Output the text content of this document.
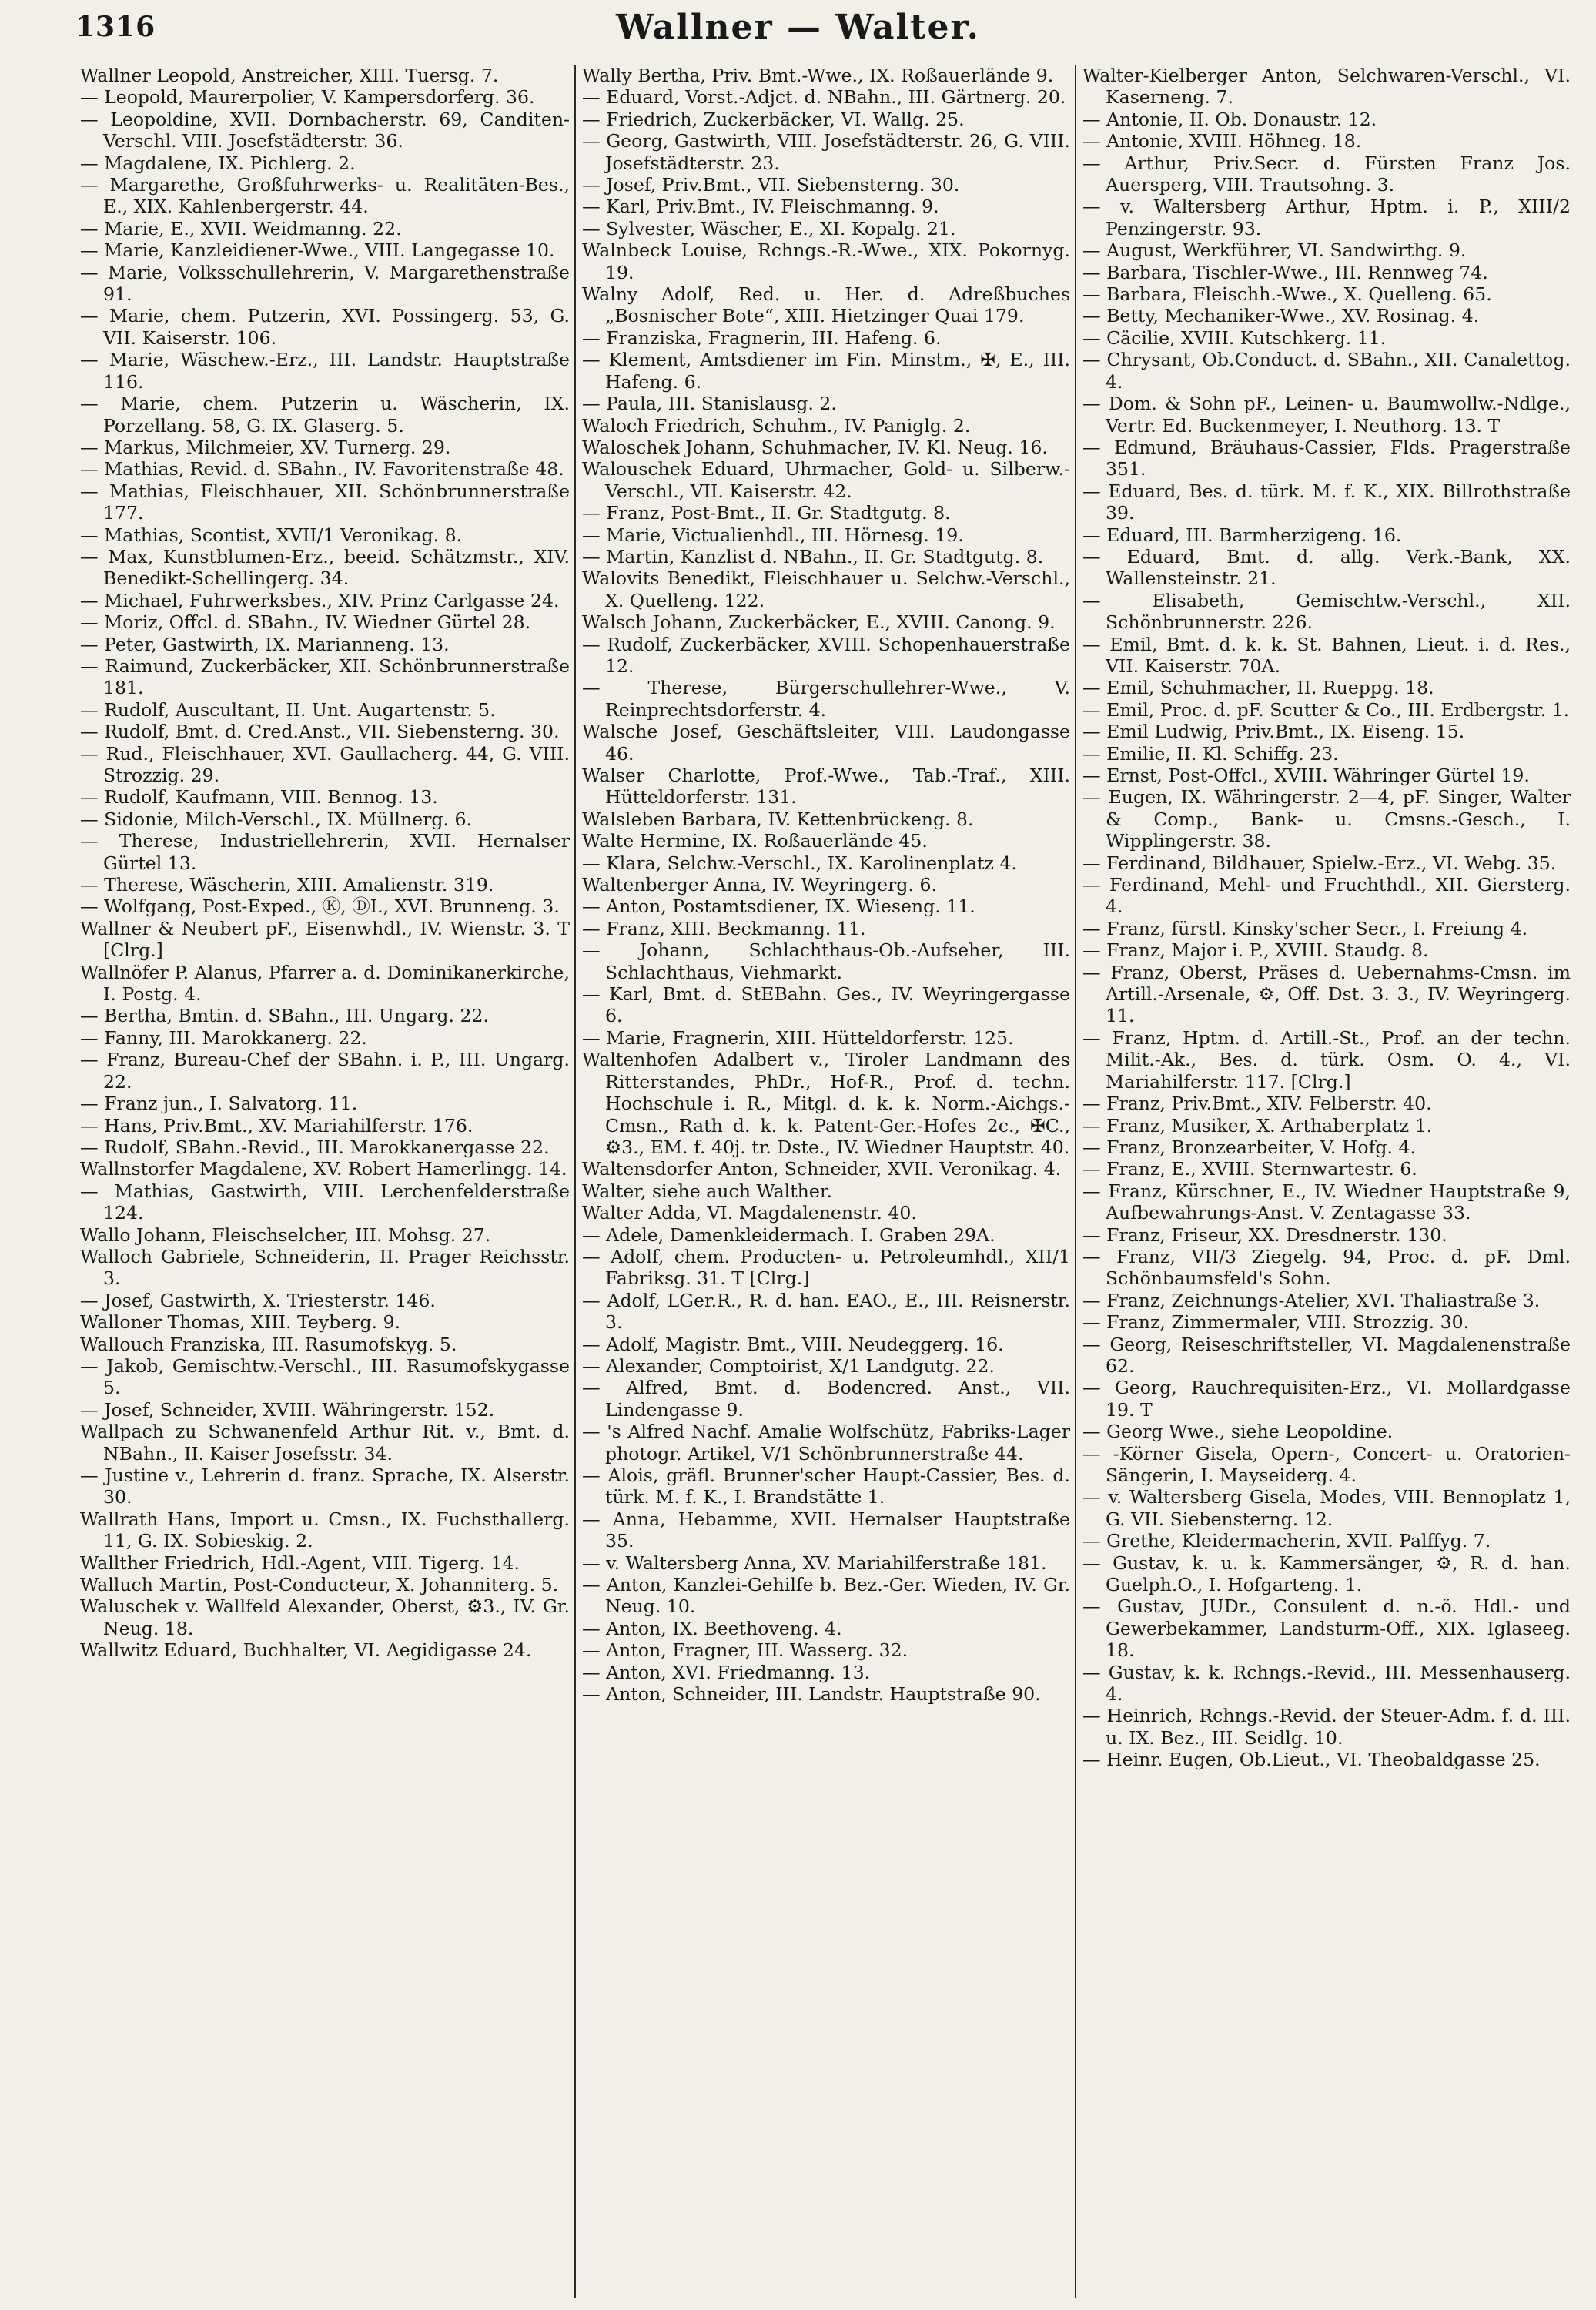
1316	Wallner — Walter.
Wallner Leopold, Anstreicher, XIII. Tuersg. 7.
— Leopold, Maurerpolier, V. Kampersdorferg. 36.
— Leopoldine, XVII. Dornbacherstr. 69, Canditen-Verschl. VIII. Josefstädterstr. 36.
— Magdalene, IX. Pichlerg. 2.
— Margarethe, Großfuhrwerks- u. Realitäten-Bes., E., XIX. Kahlenbergerstr. 44.
— Marie, E., XVII. Weidmanng. 22.
— Marie, Kanzleidiener-Wwe., VIII. Langegasse 10.
— Marie, Volksschullehrerin, V. Margarethenstraße 91.
— Marie, chem. Putzerin, XVI. Possingerg. 53, G. VII. Kaiserstr. 106.
— Marie, Wäschew.-Erz., III. Landstr. Hauptstraße 116.
— Marie, chem. Putzerin u. Wäscherin, IX. Porzellang. 58, G. IX. Glaserg. 5.
— Markus, Milchmeier, XV. Turnerg. 29.
— Mathias, Revid. d. SBahn., IV. Favoritenstraße 48.
— Mathias, Fleischhauer, XII. Schönbrunnerstraße 177.
— Mathias, Scontist, XVII/1 Veronikag. 8.
— Max, Kunstblumen-Erz., beeid. Schätzmstr., XIV. Benedikt-Schellingerg. 34.
— Michael, Fuhrwerksbes., XIV. Prinz Carlgasse 24.
— Moriz, Offcl. d. SBahn., IV. Wiedner Gürtel 28.
— Peter, Gastwirth, IX. Marianneng. 13.
— Raimund, Zuckerbäcker, XII. Schönbrunnerstraße 181.
— Rudolf, Auscultant, II. Unt. Augartenstr. 5.
— Rudolf, Bmt. d. Cred.Anst., VII. Siebensterng. 30.
— Rud., Fleischhauer, XVI. Gaullacherg. 44, G. VIII. Strozzig. 29.
— Rudolf, Kaufmann, VIII. Bennog. 13.
— Sidonie, Milch-Verschl., IX. Müllnerg. 6.
— Therese, Industriellehrerin, XVII. Hernalser Gürtel 13.
— Therese, Wäscherin, XIII. Amalienstr. 319.
— Wolfgang, Post-Exped., Ⓚ, ⒹI., XVI. Brunneng. 3.
Wallner & Neubert pF., Eisenwhdl., IV. Wienstr. 3. T [Clrg.]
Wallnöfer P. Alanus, Pfarrer a. d. Dominikanerkirche, I. Postg. 4.
— Bertha, Bmtin. d. SBahn., III. Ungarg. 22.
— Fanny, III. Marokkanerg. 22.
— Franz, Bureau-Chef der SBahn. i. P., III. Ungarg. 22.
— Franz jun., I. Salvatorg. 11.
— Hans, Priv.Bmt., XV. Mariahilferstr. 176.
— Rudolf, SBahn.-Revid., III. Marokkanergasse 22.
Wallnstorfer Magdalene, XV. Robert Hamerlingg. 14.
— Mathias, Gastwirth, VIII. Lerchenfelderstraße 124.
Wallo Johann, Fleischselcher, III. Mohsg. 27.
Walloch Gabriele, Schneiderin, II. Prager Reichsstr. 3.
— Josef, Gastwirth, X. Triesterstr. 146.
Walloner Thomas, XIII. Teyberg. 9.
Wallouch Franziska, III. Rasumofskyg. 5.
— Jakob, Gemischtw.-Verschl., III. Rasumofskygasse 5.
— Josef, Schneider, XVIII. Währingerstr. 152.
Wallpach zu Schwanenfeld Arthur Rit. v., Bmt. d. NBahn., II. Kaiser Josefsstr. 34.
— Justine v., Lehrerin d. franz. Sprache, IX. Alserstr. 30.
Wallrath Hans, Import u. Cmsn., IX. Fuchsthallerg. 11, G. IX. Sobieskig. 2.
Wallther Friedrich, Hdl.-Agent, VIII. Tigerg. 14.
Walluch Martin, Post-Conducteur, X. Johanniterg. 5.
Waluschek v. Wallfeld Alexander, Oberst, ⚙3., IV. Gr. Neug. 18.
Wallwitz Eduard, Buchhalter, VI. Aegidigasse 24.
Wally Bertha, Priv. Bmt.-Wwe., IX. Roßauerlände 9.
— Eduard, Vorst.-Adjct. d. NBahn., III. Gärtnerg. 20.
— Friedrich, Zuckerbäcker, VI. Wallg. 25.
— Georg, Gastwirth, VIII. Josefstädterstr. 26, G. VIII. Josefstädterstr. 23.
— Josef, Priv.Bmt., VII. Siebensterng. 30.
— Karl, Priv.Bmt., IV. Fleischmanng. 9.
— Sylvester, Wäscher, E., XI. Kopalg. 21.
Walnbeck Louise, Rchngs.-R.-Wwe., XIX. Pokornyg. 19.
Walny Adolf, Red. u. Her. d. Adreßbuches „Bosnischer Bote“, XIII. Hietzinger Quai 179.
— Franziska, Fragnerin, III. Hafeng. 6.
— Klement, Amtsdiener im Fin. Minstm., ✠, E., III. Hafeng. 6.
— Paula, III. Stanislausg. 2.
Waloch Friedrich, Schuhm., IV. Paniglg. 2.
Waloschek Johann, Schuhmacher, IV. Kl. Neug. 16.
Walouschek Eduard, Uhrmacher, Gold- u. Silberw.-Verschl., VII. Kaiserstr. 42.
— Franz, Post-Bmt., II. Gr. Stadtgutg. 8.
— Marie, Victualienhdl., III. Hörnesg. 19.
— Martin, Kanzlist d. NBahn., II. Gr. Stadtgutg. 8.
Walovits Benedikt, Fleischhauer u. Selchw.-Verschl., X. Quelleng. 122.
Walsch Johann, Zuckerbäcker, E., XVIII. Canong. 9.
— Rudolf, Zuckerbäcker, XVIII. Schopenhauerstraße 12.
— Therese, Bürgerschullehrer-Wwe., V. Reinprechtsdorferstr. 4.
Walsche Josef, Geschäftsleiter, VIII. Laudongasse 46.
Walser Charlotte, Prof.-Wwe., Tab.-Traf., XIII. Hütteldorferstr. 131.
Walsleben Barbara, IV. Kettenbrückeng. 8.
Walte Hermine, IX. Roßauerlände 45.
— Klara, Selchw.-Verschl., IX. Karolinenplatz 4.
Waltenberger Anna, IV. Weyringerg. 6.
— Anton, Postamtsdiener, IX. Wieseng. 11.
— Franz, XIII. Beckmanng. 11.
— Johann, Schlachthaus-Ob.-Aufseher, III. Schlachthaus, Viehmarkt.
— Karl, Bmt. d. StEBahn. Ges., IV. Weyringergasse 6.
— Marie, Fragnerin, XIII. Hütteldorferstr. 125.
Waltenhofen Adalbert v., Tiroler Landmann des Ritterstandes, PhDr., Hof-R., Prof. d. techn. Hochschule i. R., Mitgl. d. k. k. Norm.-Aichgs.-Cmsn., Rath d. k. k. Patent-Ger.-Hofes 2c., ✠C., ⚙3., EM. f. 40j. tr. Dste., IV. Wiedner Hauptstr. 40.
Waltensdorfer Anton, Schneider, XVII. Veronikag. 4.
Walter, siehe auch Walther.
Walter Adda, VI. Magdalenenstr. 40.
— Adele, Damenkleidermach. I. Graben 29A.
— Adolf, chem. Producten- u. Petroleumhdl., XII/1 Fabriksg. 31. T [Clrg.]
— Adolf, LGer.R., R. d. han. EAO., E., III. Reisnerstr. 3.
— Adolf, Magistr. Bmt., VIII. Neudeggerg. 16.
— Alexander, Comptoirist, X/1 Landgutg. 22.
— Alfred, Bmt. d. Bodencred. Anst., VII. Lindengasse 9.
— 's Alfred Nachf. Amalie Wolfschütz, Fabriks-Lager photogr. Artikel, V/1 Schönbrunnerstraße 44.
— Alois, gräfl. Brunner'scher Haupt-Cassier, Bes. d. türk. M. f. K., I. Brandstätte 1.
— Anna, Hebamme, XVII. Hernalser Hauptstraße 35.
— v. Waltersberg Anna, XV. Mariahilferstraße 181.
— Anton, Kanzlei-Gehilfe b. Bez.-Ger. Wieden, IV. Gr. Neug. 10.
— Anton, IX. Beethoveng. 4.
— Anton, Fragner, III. Wasserg. 32.
— Anton, XVI. Friedmanng. 13.
— Anton, Schneider, III. Landstr. Hauptstraße 90.
Walter-Kielberger Anton, Selchwaren-Verschl., VI. Kaserneng. 7.
— Antonie, II. Ob. Donaustr. 12.
— Antonie, XVIII. Höhneg. 18.
— Arthur, Priv.Secr. d. Fürsten Franz Jos. Auersperg, VIII. Trautsohng. 3.
— v. Waltersberg Arthur, Hptm. i. P., XIII/2 Penzingerstr. 93.
— August, Werkführer, VI. Sandwirthg. 9.
— Barbara, Tischler-Wwe., III. Rennweg 74.
— Barbara, Fleischh.-Wwe., X. Quelleng. 65.
— Betty, Mechaniker-Wwe., XV. Rosinag. 4.
— Cäcilie, XVIII. Kutschkerg. 11.
— Chrysant, Ob.Conduct. d. SBahn., XII. Canalettog. 4.
— Dom. & Sohn pF., Leinen- u. Baumwollw.-Ndlge., Vertr. Ed. Buckenmeyer, I. Neuthorg. 13. T
— Edmund, Bräuhaus-Cassier, Flds. Pragerstraße 351.
— Eduard, Bes. d. türk. M. f. K., XIX. Billrothstraße 39.
— Eduard, III. Barmherzigeng. 16.
— Eduard, Bmt. d. allg. Verk.-Bank, XX. Wallensteinstr. 21.
— Elisabeth, Gemischtw.-Verschl., XII. Schönbrunnerstr. 226.
— Emil, Bmt. d. k. k. St. Bahnen, Lieut. i. d. Res., VII. Kaiserstr. 70A.
— Emil, Schuhmacher, II. Rueppg. 18.
— Emil, Proc. d. pF. Scutter & Co., III. Erdbergstr. 1.
— Emil Ludwig, Priv.Bmt., IX. Eiseng. 15.
— Emilie, II. Kl. Schiffg. 23.
— Ernst, Post-Offcl., XVIII. Währinger Gürtel 19.
— Eugen, IX. Währingerstr. 2—4, pF. Singer, Walter & Comp., Bank- u. Cmsns.-Gesch., I. Wipplingerstr. 38.
— Ferdinand, Bildhauer, Spielw.-Erz., VI. Webg. 35.
— Ferdinand, Mehl- und Fruchthdl., XII. Giersterg. 4.
— Franz, fürstl. Kinsky'scher Secr., I. Freiung 4.
— Franz, Major i. P., XVIII. Staudg. 8.
— Franz, Oberst, Präses d. Uebernahms-Cmsn. im Artill.-Arsenale, ⚙, Off. Dst. 3. 3., IV. Weyringerg. 11.
— Franz, Hptm. d. Artill.-St., Prof. an der techn. Milit.-Ak., Bes. d. türk. Osm. O. 4., VI. Mariahilferstr. 117. [Clrg.]
— Franz, Priv.Bmt., XIV. Felberstr. 40.
— Franz, Musiker, X. Arthaberplatz 1.
— Franz, Bronzearbeiter, V. Hofg. 4.
— Franz, E., XVIII. Sternwartestr. 6.
— Franz, Kürschner, E., IV. Wiedner Hauptstraße 9, Aufbewahrungs-Anst. V. Zentagasse 33.
— Franz, Friseur, XX. Dresdnerstr. 130.
— Franz, VII/3 Ziegelg. 94, Proc. d. pF. Dml. Schönbaumsfeld's Sohn.
— Franz, Zeichnungs-Atelier, XVI. Thaliastraße 3.
— Franz, Zimmermaler, VIII. Strozzig. 30.
— Georg, Reiseschriftsteller, VI. Magdalenenstraße 62.
— Georg, Rauchrequisiten-Erz., VI. Mollardgasse 19. T
— Georg Wwe., siehe Leopoldine.
— -Körner Gisela, Opern-, Concert- u. Oratorien-Sängerin, I. Mayseiderg. 4.
— v. Waltersberg Gisela, Modes, VIII. Bennoplatz 1, G. VII. Siebensterng. 12.
— Grethe, Kleidermacherin, XVII. Palffyg. 7.
— Gustav, k. u. k. Kammersänger, ⚙, R. d. han. Guelph.O., I. Hofgarteng. 1.
— Gustav, JUDr., Consulent d. n.-ö. Hdl.- und Gewerbekammer, Landsturm-Off., XIX. Iglaseeg. 18.
— Gustav, k. k. Rchngs.-Revid., III. Messenhauserg. 4.
— Heinrich, Rchngs.-Revid. der Steuer-Adm. f. d. III. u. IX. Bez., III. Seidlg. 10.
— Heinr. Eugen, Ob.Lieut., VI. Theobaldgasse 25.
